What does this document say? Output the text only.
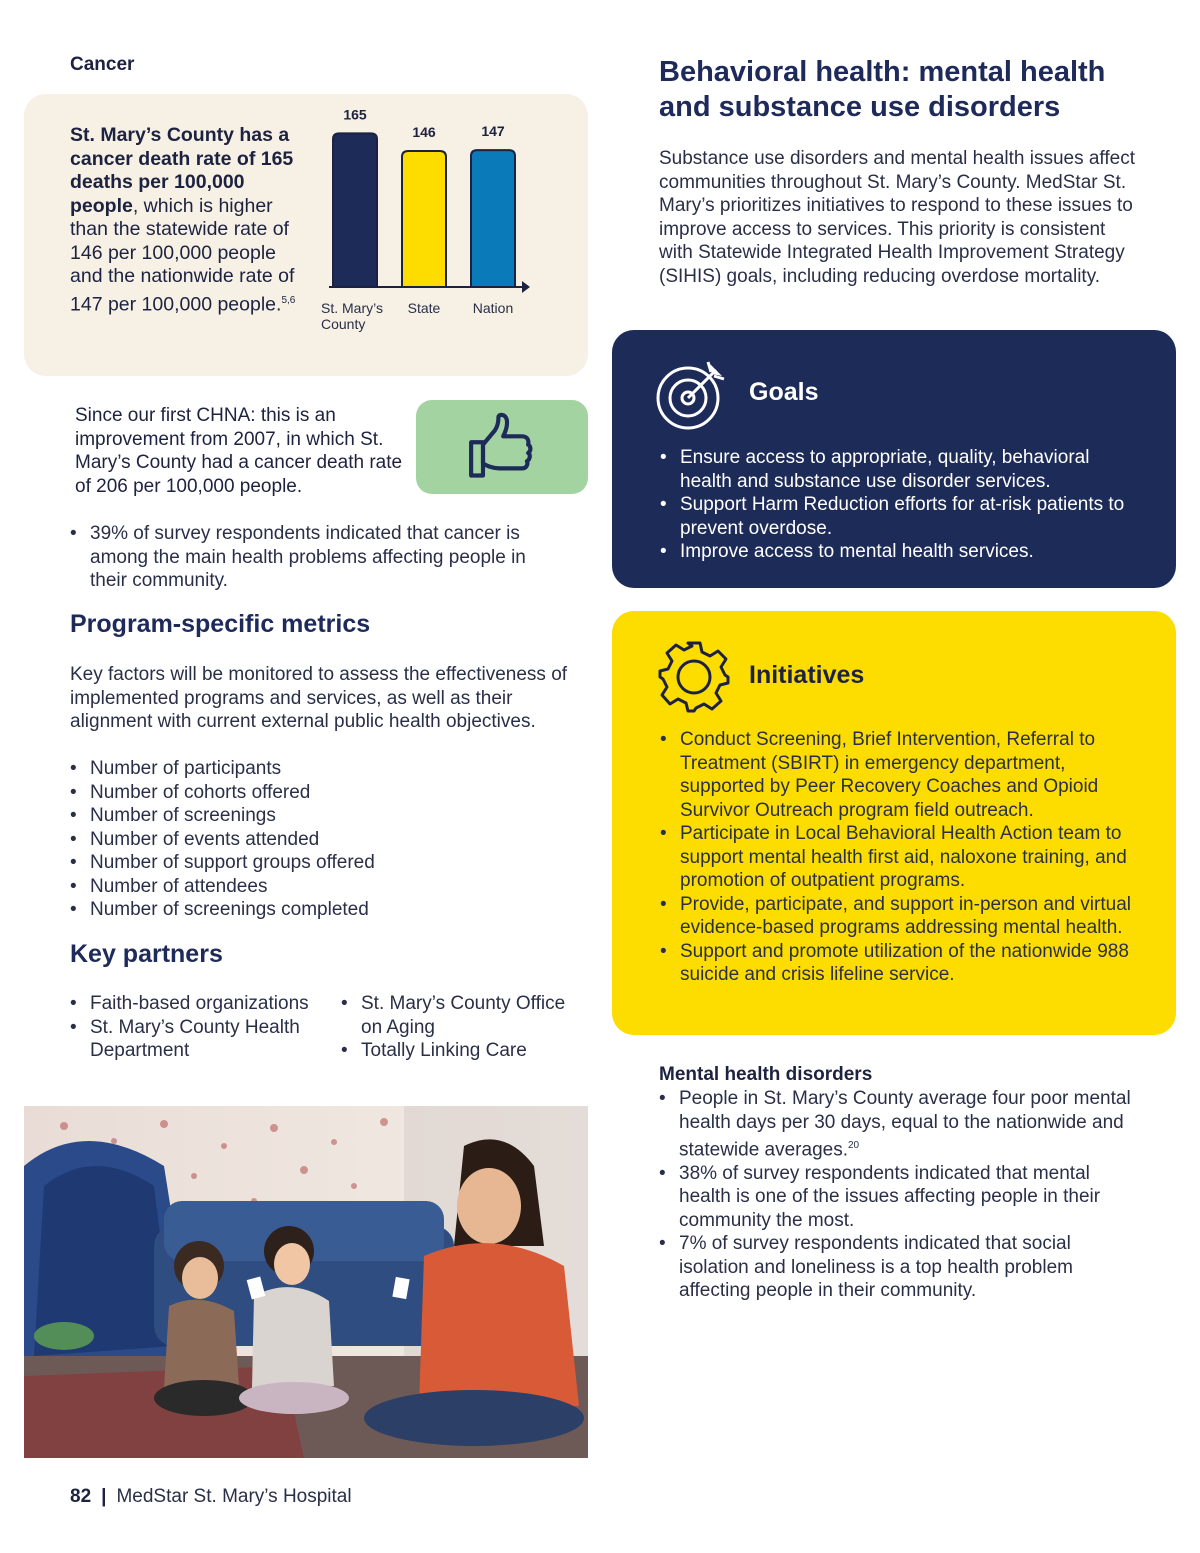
Cancer
St. Mary’s County has a cancer death rate of 165 deaths per 100,000 people, which is higher than the statewide rate of 146 per 100,000 people and the nationwide rate of 147 per 100,000 people.$^{5,6}$
165
St. Mary’s County
146
State
147
Nation
Since our first CHNA: this is an improvement from 2007, in which St. Mary’s County had a cancer death rate of 206 per 100,000 people.
• 39% of survey respondents indicated that cancer is among the main health problems affecting people in their community.
Program-specific metrics
Key factors will be monitored to assess the effectiveness of implemented programs and services, as well as their alignment with current external public health objectives.
• Number of participants
• Number of cohorts offered
• Number of screenings
• Number of events attended
• Number of support groups offered
• Number of attendees
• Number of screenings completed
Key partners
• Faith-based organizations
• St. Mary’s County Health Department
• St. Mary’s County Office on Aging
• Totally Linking Care
82 | MedStar St. Mary’s Hospital
Behavioral health: mental health and substance use disorders
Substance use disorders and mental health issues affect communities throughout St. Mary’s County. MedStar St. Mary’s prioritizes initiatives to respond to these issues to improve access to services. This priority is consistent with Statewide Integrated Health Improvement Strategy (SIHIS) goals, including reducing overdose mortality.
Goals
• Ensure access to appropriate, quality, behavioral health and substance use disorder services.
• Support Harm Reduction efforts for at-risk patients to prevent overdose.
• Improve access to mental health services.
Initiatives
• Conduct Screening, Brief Intervention, Referral to Treatment (SBIRT) in emergency department, supported by Peer Recovery Coaches and Opioid Survivor Outreach program field outreach.
• Participate in Local Behavioral Health Action team to support mental health first aid, naloxone training, and promotion of outpatient programs.
• Provide, participate, and support in-person and virtual evidence-based programs addressing mental health.
• Support and promote utilization of the nationwide 988 suicide and crisis lifeline service.
Mental health disorders
• People in St. Mary’s County average four poor mental health days per 30 days, equal to the nationwide and statewide averages.$^{20}$
• 38% of survey respondents indicated that mental health is one of the issues affecting people in their community the most.
• 7% of survey respondents indicated that social isolation and loneliness is a top health problem affecting people in their community.
